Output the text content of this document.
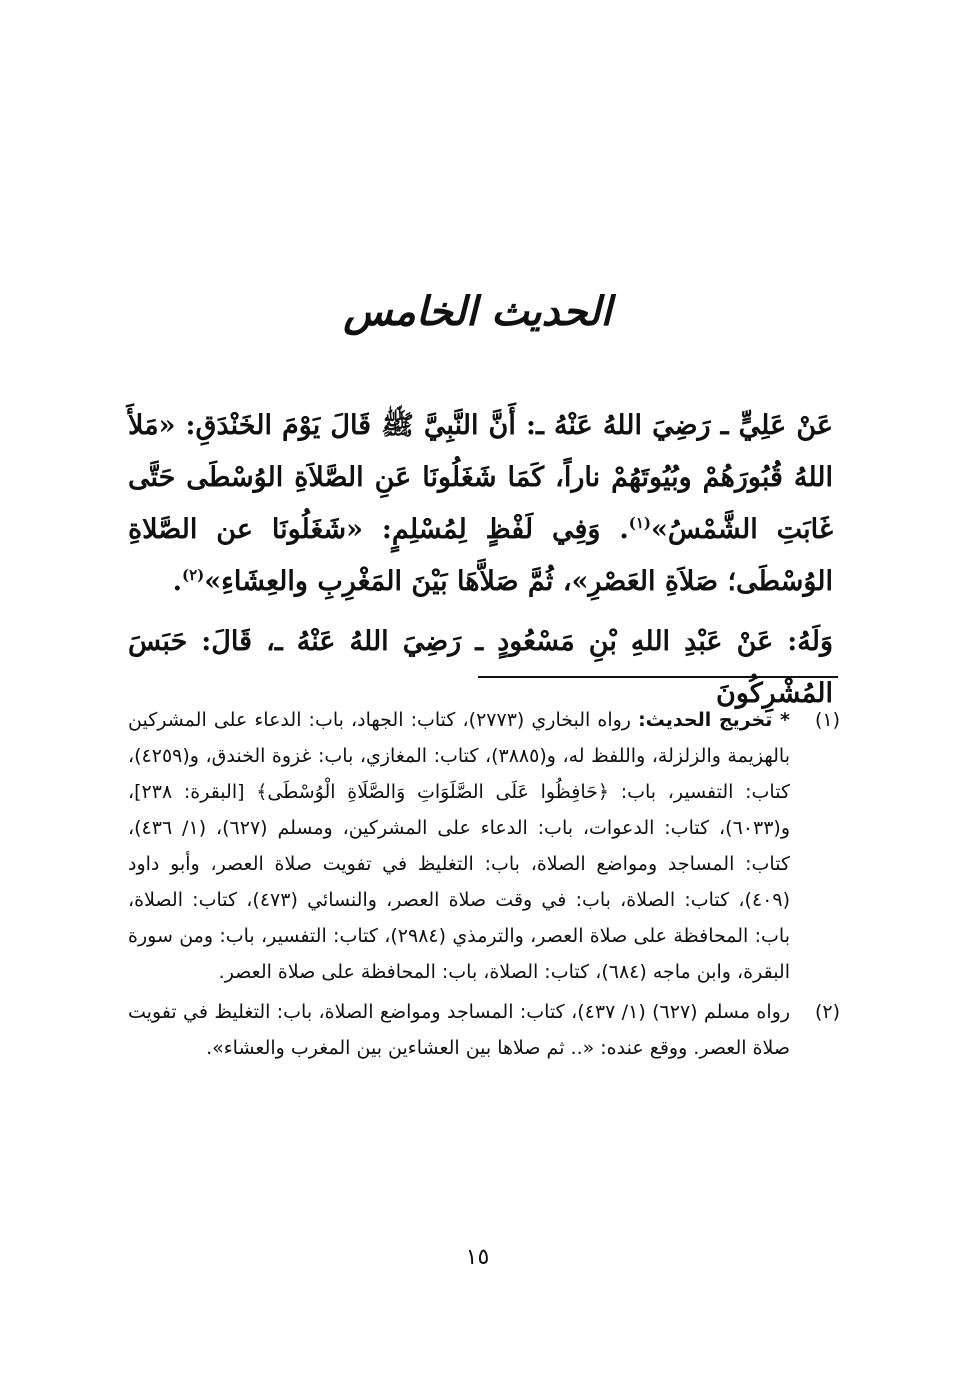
الحديث الخامس

عَنْ عَلِيٍّ ـ رَضِيَ اللهُ عَنْهُ ـ: أَنَّ النَّبِيَّ ﷺ قَالَ يَوْمَ الخَنْدَقِ: «مَلأَ اللهُ قُبُورَهُمْ وبُيُوتَهُمْ ناراً، كَمَا شَغَلُونَا عَنِ الصَّلاَةِ الوُسْطَى حَتَّى غَابَتِ الشَّمْسُ»$^{(١)}$. وَفِي لَفْظٍ لِمُسْلِمٍ: «شَغَلُونَا عن الصَّلاةِ الوُسْطَى؛ صَلاَةِ العَصْرِ»، ثُمَّ صَلاَّهَا بَيْنَ المَغْرِبِ والعِشَاءِ»$^{(٢)}$.

وَلَهُ: عَنْ عَبْدِ اللهِ بْنِ مَسْعُودٍ ـ رَضِيَ اللهُ عَنْهُ ـ، قَالَ: حَبَسَ المُشْرِكُونَ

(١)
* تخريج الحديث: رواه البخاري (٢٧٧٣)، كتاب: الجهاد، باب: الدعاء على المشركين بالهزيمة والزلزلة، واللفظ له، و(٣٨٨٥)، كتاب: المغازي، باب: غزوة الخندق، و(٤٢٥٩)، كتاب: التفسير، باب: ﴿حَافِظُوا عَلَى الصَّلَوَاتِ وَالصَّلَاةِ الْوُسْطَى﴾ [البقرة: ٢٣٨]، و(٦٠٣٣)، كتاب: الدعوات، باب: الدعاء على المشركين، ومسلم (٦٢٧)، (١/ ٤٣٦)، كتاب: المساجد ومواضع الصلاة، باب: التغليظ في تفويت صلاة العصر، وأبو داود (٤٠٩)، كتاب: الصلاة، باب: في وقت صلاة العصر، والنسائي (٤٧٣)، كتاب: الصلاة، باب: المحافظة على صلاة العصر، والترمذي (٢٩٨٤)، كتاب: التفسير، باب: ومن سورة البقرة، وابن ماجه (٦٨٤)، كتاب: الصلاة، باب: المحافظة على صلاة العصر.
(٢)
رواه مسلم (٦٢٧) (١/ ٤٣٧)، كتاب: المساجد ومواضع الصلاة، باب: التغليظ في تفويت صلاة العصر. ووقع عنده: «.. ثم صلاها بين العشاءين بين المغرب والعشاء».
١٥
